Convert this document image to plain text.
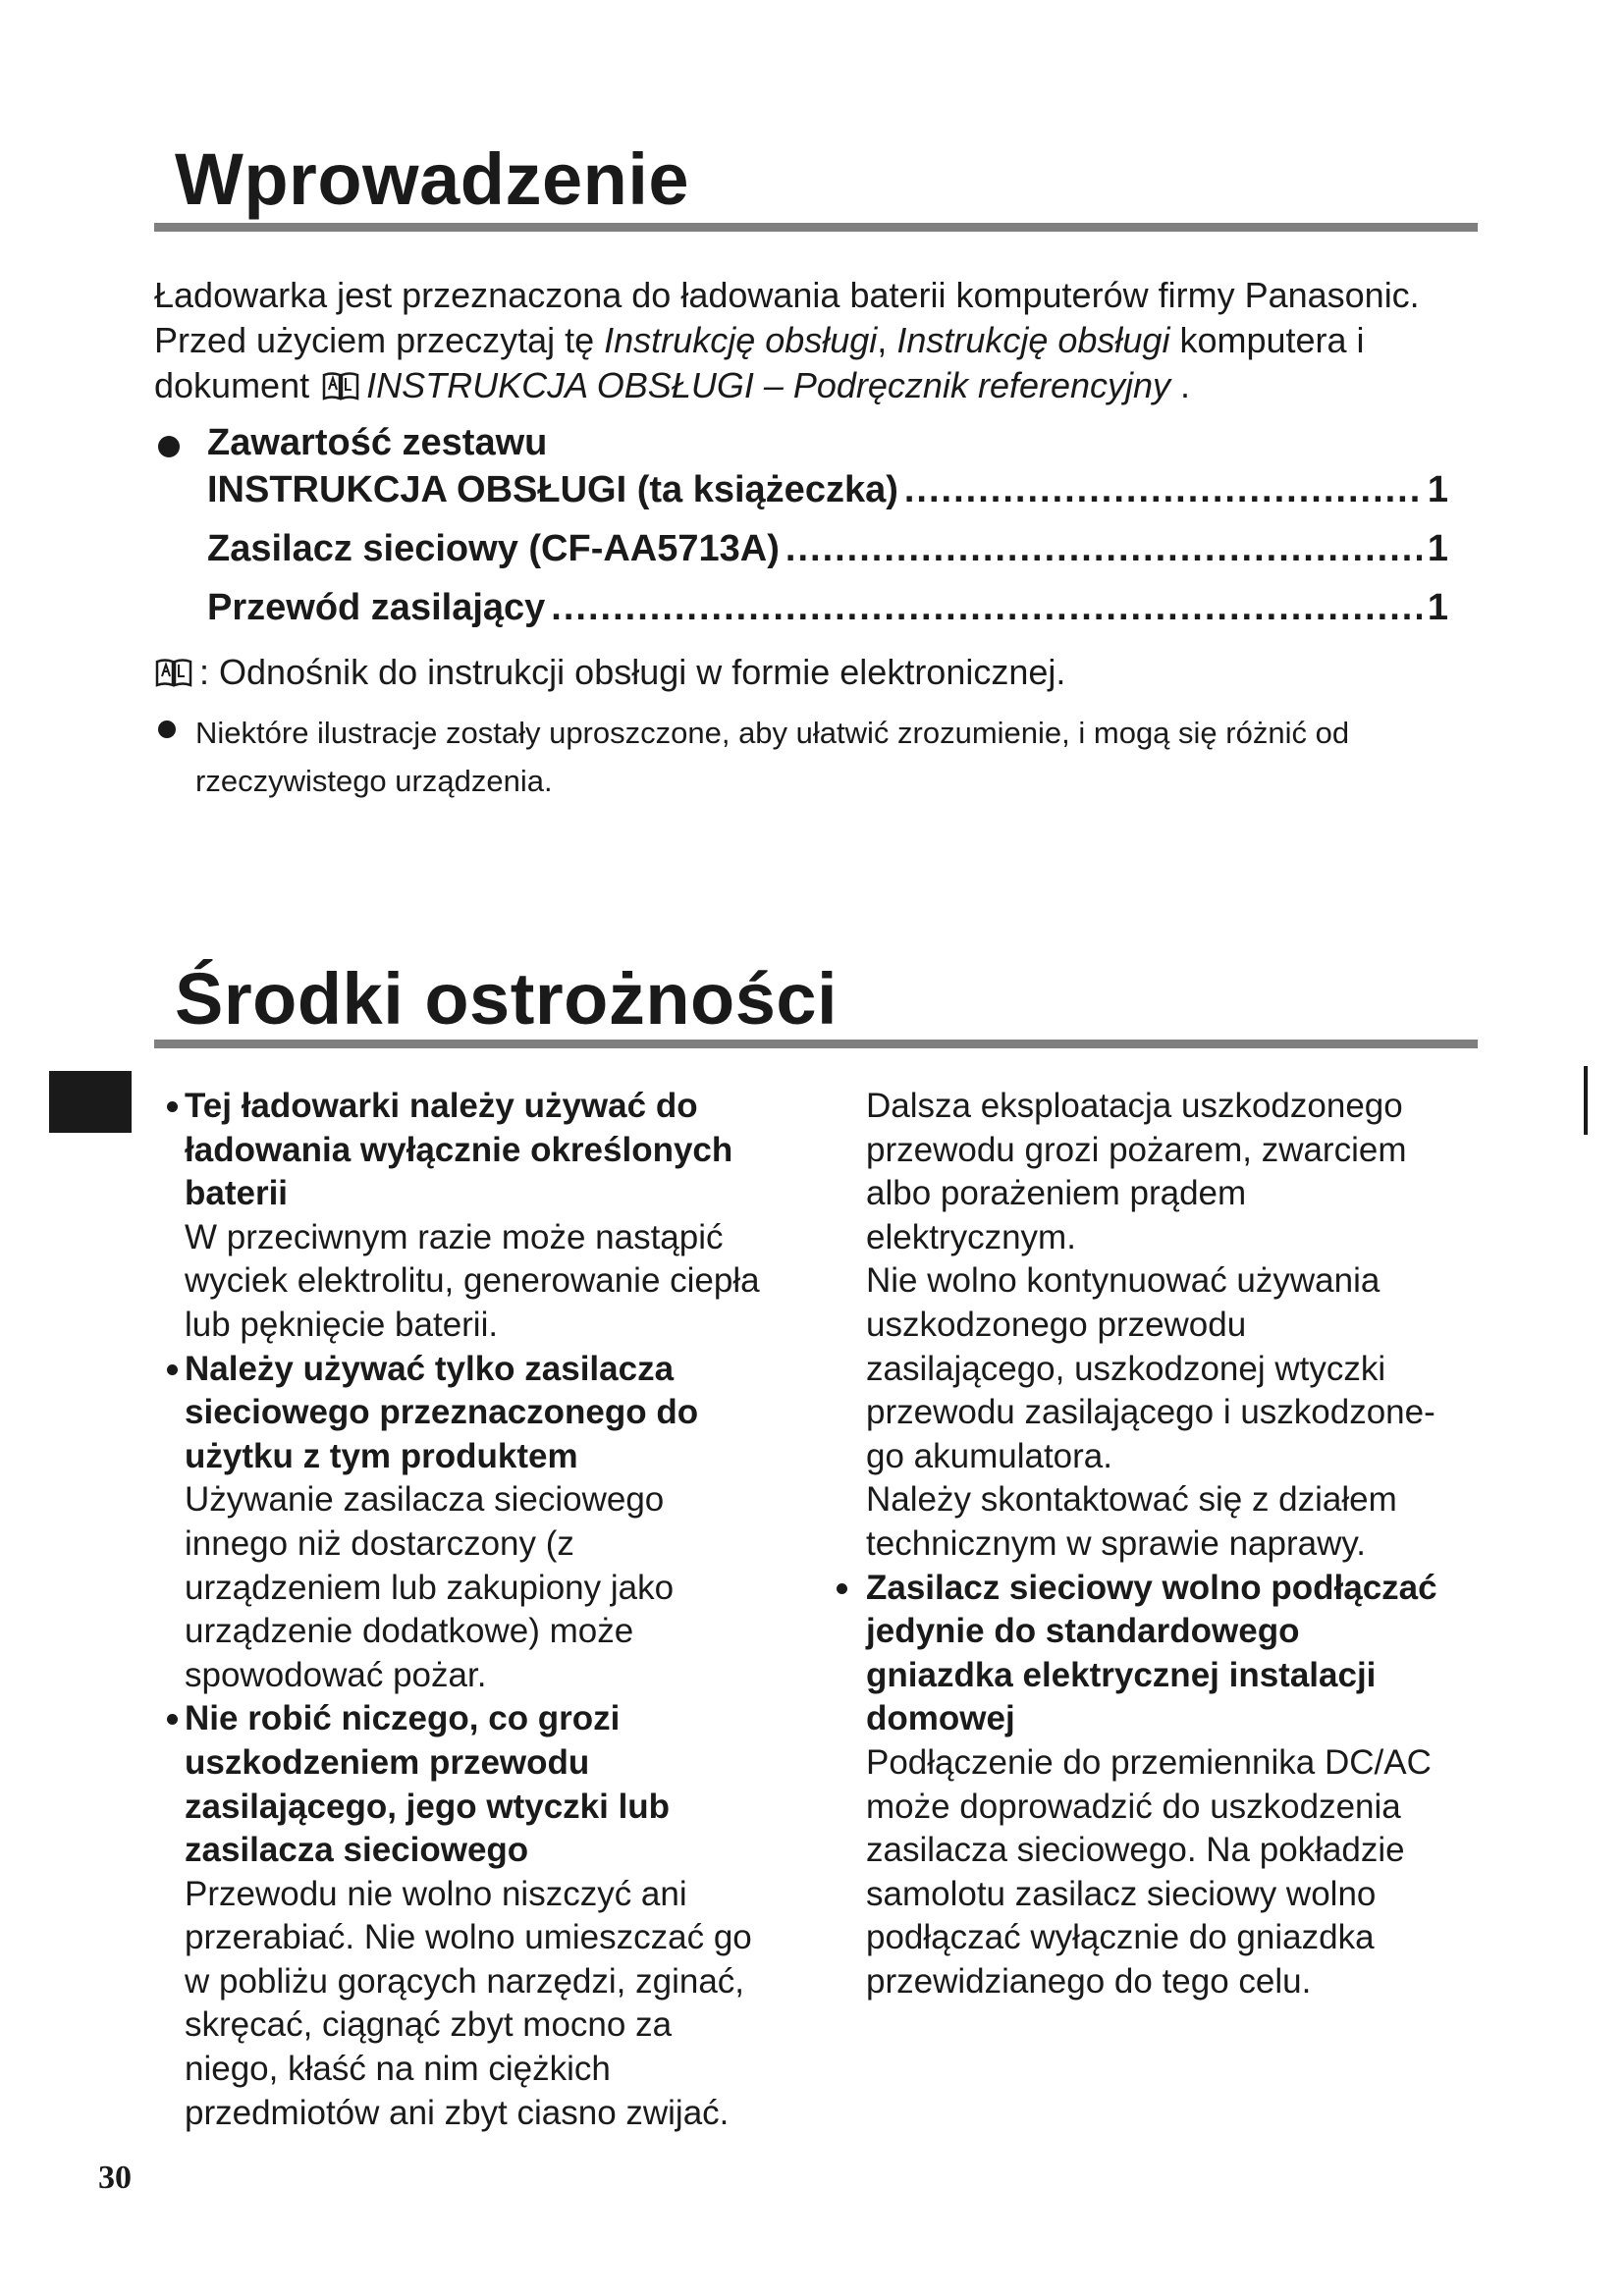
Wprowadzenie
Ładowarka jest przeznaczona do ładowania baterii komputerów firmy Panasonic.
Przed użyciem przeczytaj tę Instrukcję obsługi, Instrukcję obsługi komputera i
dokument INSTRUKCJA OBSŁUGI – Podręcznik referencyjny .
Zawartość zestawu
INSTRUKCJA OBSŁUGI (ta książeczka) .....	1
Zasilacz sieciowy (CF-AA5713A) .....	1
Przewód zasilający .....	1
: Odnośnik do instrukcji obsługi w formie elektronicznej.
Niektóre ilustracje zostały uproszczone, aby ułatwić zrozumienie, i mogą się różnić od rzeczywistego urządzenia.
Środki ostrożności
Tej ładowarki należy używać do
ładowania wyłącznie określonych
baterii
W przeciwnym razie może nastąpić
wyciek elektrolitu, generowanie ciepła
lub pęknięcie baterii.
Należy używać tylko zasilacza
sieciowego przeznaczonego do
użytku z tym produktem
Używanie zasilacza sieciowego
innego niż dostarczony (z
urządzeniem lub zakupiony jako
urządzenie dodatkowe) może
spowodować pożar.
Nie robić niczego, co grozi
uszkodzeniem przewodu
zasilającego, jego wtyczki lub
zasilacza sieciowego
Przewodu nie wolno niszczyć ani
przerabiać. Nie wolno umieszczać go
w pobliżu gorących narzędzi, zginać,
skręcać, ciągnąć zbyt mocno za
niego, kłaść na nim ciężkich
przedmiotów ani zbyt ciasno zwijać.
Dalsza eksploatacja uszkodzonego
przewodu grozi pożarem, zwarciem
albo porażeniem prądem
elektrycznym.
Nie wolno kontynuować używania
uszkodzonego przewodu
zasilającego, uszkodzonej wtyczki
przewodu zasilającego i uszkodzone-
go akumulatora.
Należy skontaktować się z działem
technicznym w sprawie naprawy.
Zasilacz sieciowy wolno podłączać
jedynie do standardowego
gniazdka elektrycznej instalacji
domowej
Podłączenie do przemiennika DC/AC
może doprowadzić do uszkodzenia
zasilacza sieciowego. Na pokładzie
samolotu zasilacz sieciowy wolno
podłączać wyłącznie do gniazdka
przewidzianego do tego celu.
30
